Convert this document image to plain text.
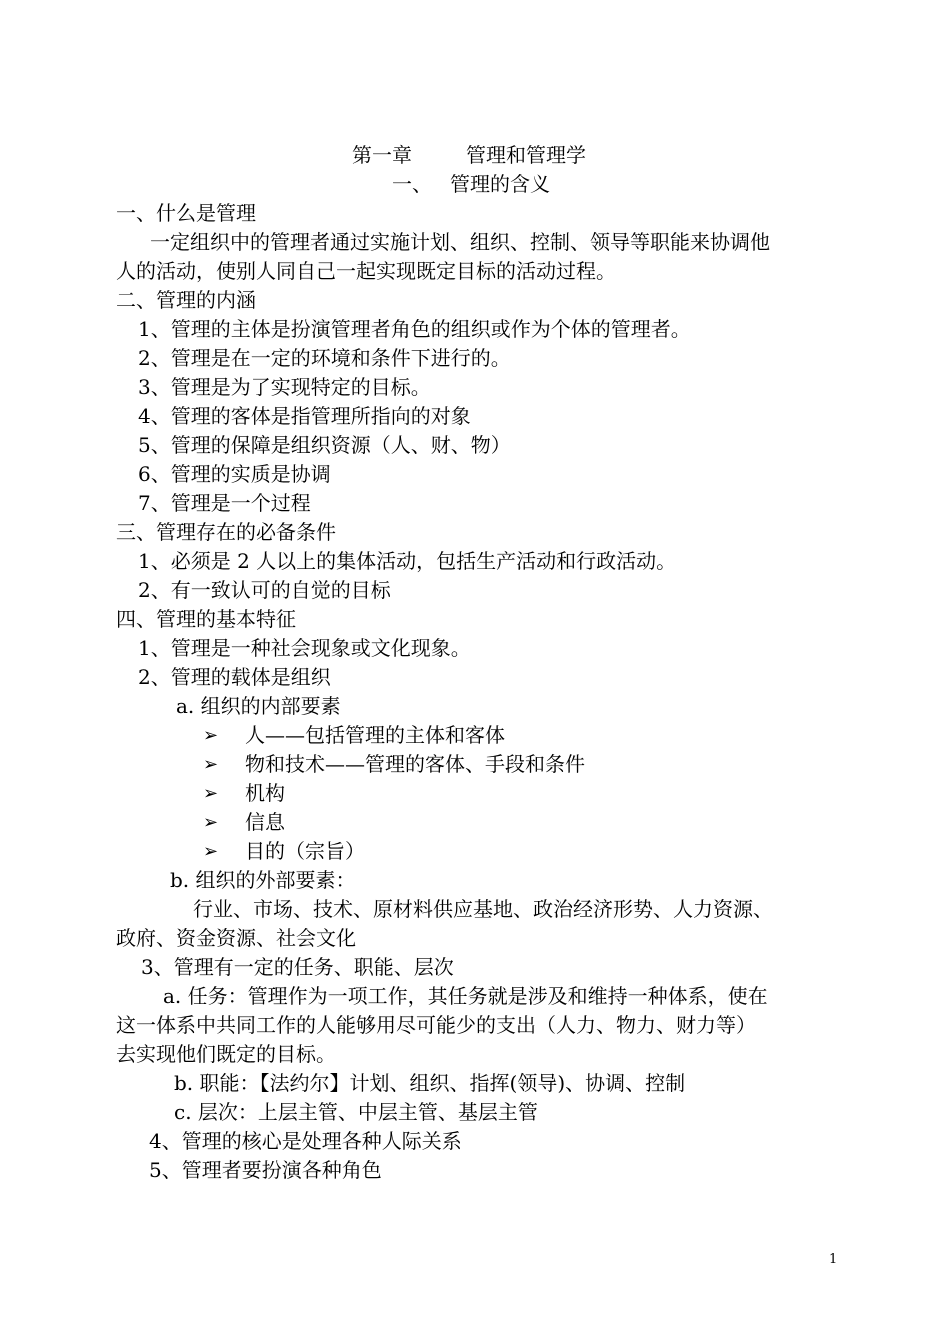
第一章	管理和管理学

一、 管理的含义

一、什么是管理

一定组织中的管理者通过实施计划、组织、控制、领导等职能来协调他

人的活动，使别人同自己一起实现既定目标的活动过程。

二、管理的内涵

1、管理的主体是扮演管理者角色的组织或作为个体的管理者。

2、管理是在一定的环境和条件下进行的。

3、管理是为了实现特定的目标。

4、管理的客体是指管理所指向的对象

5、管理的保障是组织资源（人、财、物）

6、管理的实质是协调

7、管理是一个过程

三、管理存在的必备条件

1、必须是 2 人以上的集体活动，包括生产活动和行政活动。

2、有一致认可的自觉的目标

四、管理的基本特征

1、管理是一种社会现象或文化现象。

2、管理的载体是组织

a. 组织的内部要素

➢ 人——包括管理的主体和客体

➢ 物和技术——管理的客体、手段和条件

➢ 机构

➢ 信息

➢ 目的（宗旨）

b. 组织的外部要素：

行业、市场、技术、原材料供应基地、政治经济形势、人力资源、

政府、资金资源、社会文化

3、管理有一定的任务、职能、层次

a. 任务：管理作为一项工作，其任务就是涉及和维持一种体系，使在

这一体系中共同工作的人能够用尽可能少的支出（人力、物力、财力等）

去实现他们既定的目标。

b. 职能：【法约尔】计划、组织、指挥(领导)、协调、控制

c. 层次：上层主管、中层主管、基层主管

4、管理的核心是处理各种人际关系

5、管理者要扮演各种角色

1
